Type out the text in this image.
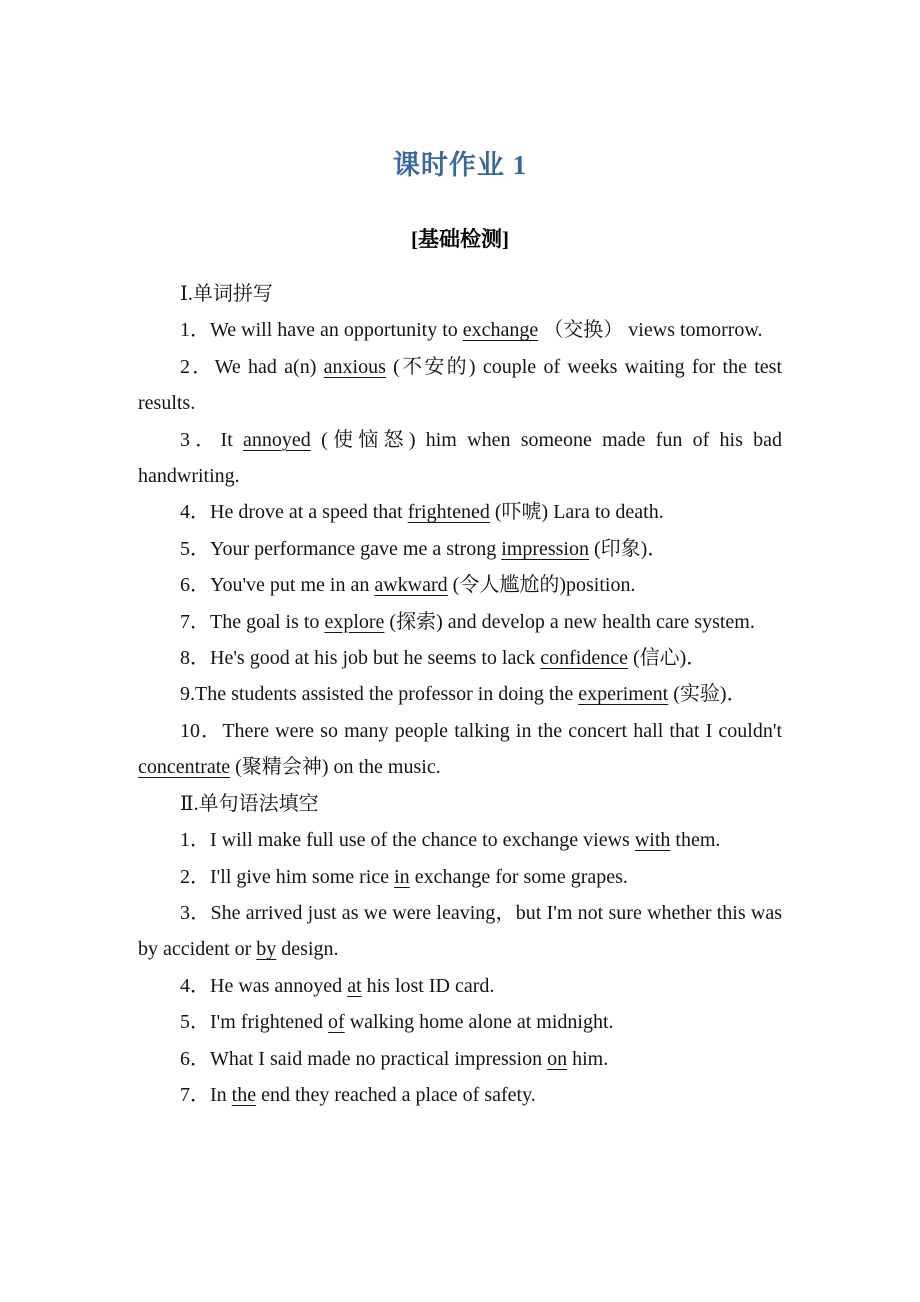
课时作业 1
[基础检测]

Ⅰ.单词拼写

1．We will have an opportunity to exchange （交换） views tomorrow.

2．We had a(n) anxious (不安的) couple of weeks waiting for the test results.

3．It annoyed (使恼怒) him when someone made fun of his bad handwriting.

4．He drove at a speed that frightened (吓唬) Lara to death.

5．Your performance gave me a strong impression (印象)．

6．You've put me in an awkward (令人尴尬的)position.

7．The goal is to explore (探索) and develop a new health care system.

8．He's good at his job but he seems to lack confidence (信心)．

9.The students assisted the professor in doing the experiment (实验)．

10．There were so many people talking in the concert hall that I couldn't concentrate (聚精会神) on the music.

Ⅱ.单句语法填空

1．I will make full use of the chance to exchange views with them.

2．I'll give him some rice in exchange for some grapes.

3．She arrived just as we were leaving，but I'm not sure whether this was by accident or by design.

4．He was annoyed at his lost ID card.

5．I'm frightened of walking home alone at midnight.

6．What I said made no practical impression on him.

7．In the end they reached a place of safety.
